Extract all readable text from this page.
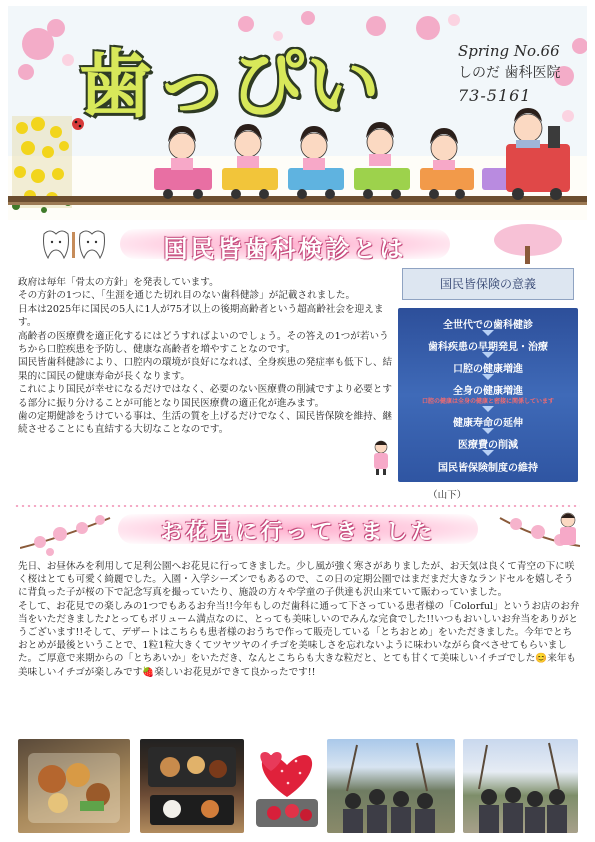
歯っぴい	Spring No.66
しのだ 歯科医院
73-5161
国民皆歯科検診とは

政府は毎年「骨太の方針」を発表しています。

その方針の1つに、「生涯を通じた切れ目のない歯科健診」が記載されました。

日本は2025年に国民の5人に1人が75才以上の後期高齢者という超高齢社会を迎えます。

高齢者の医療費を適正化するにはどうすればよいのでしょう。その答えの1つが若いうちから口腔疾患を予防し、健康な高齢者を増やすことなのです。

国民皆歯科健診により、口腔内の環境が良好になれば、全身疾患の発症率も低下し、結果的に国民の健康寿命が長くなります。

これにより国民が幸せになるだけではなく、必要のない医療費の削減ですより必要とする部分に振り分けることが可能となり国民医療費の適正化が進みます。

歯の定期健診をうけている事は、生活の質を上げるだけでなく、国民皆保険を維持、継続させることにも直結する大切なことなのです。

（山下）
国民皆保険の意義
全世代での歯科健診
歯科疾患の早期発見・治療
口腔の健康増進
全身の健康増進
口腔の健康は全身の健康と密接に関係しています
健康寿命の延伸
医療費の削減
国民皆保険制度の維持
お花見に行ってきました

先日、お昼休みを利用して足利公園へお花見に行ってきました。少し風が強く寒さがありましたが、お天気は良くて青空の下に咲く桜はとても可愛く綺麗でした。入園・入学シーズンでもあるので、この日の定期公園ではまだまだ大きなランドセルを嬉しそうに背負った子が桜の下で記念写真を撮っていたり、施設の方々や学童の子供達も沢山来ていて賑わっていました。

そして、お花見での楽しみの1つでもあるお弁当!!今年もしのだ歯科に通って下さっている患者様の「Colorful」というお店のお弁当をいただきました♪とってもボリューム満点なのに、とっても美味しいのでみんな完食でした!!いつもおいしいお弁当をありがとうございます!!そして、デザートはこちらも患者様のおうちで作って販売している「とちおとめ」をいただきました。今年でとちおとめが最後ということで、1粒1粒大きくてツヤツヤのイチゴを美味しさを忘れないように味わいながら食べさせてもらいました。ご厚意で来期からの「とちあいか」をいただき、なんとこちらも大きな粒だと、とても甘くて美味しいイチゴでした😊来年も美味しいイチゴが楽しみです🍓楽しいお花見ができて良かったです!!
